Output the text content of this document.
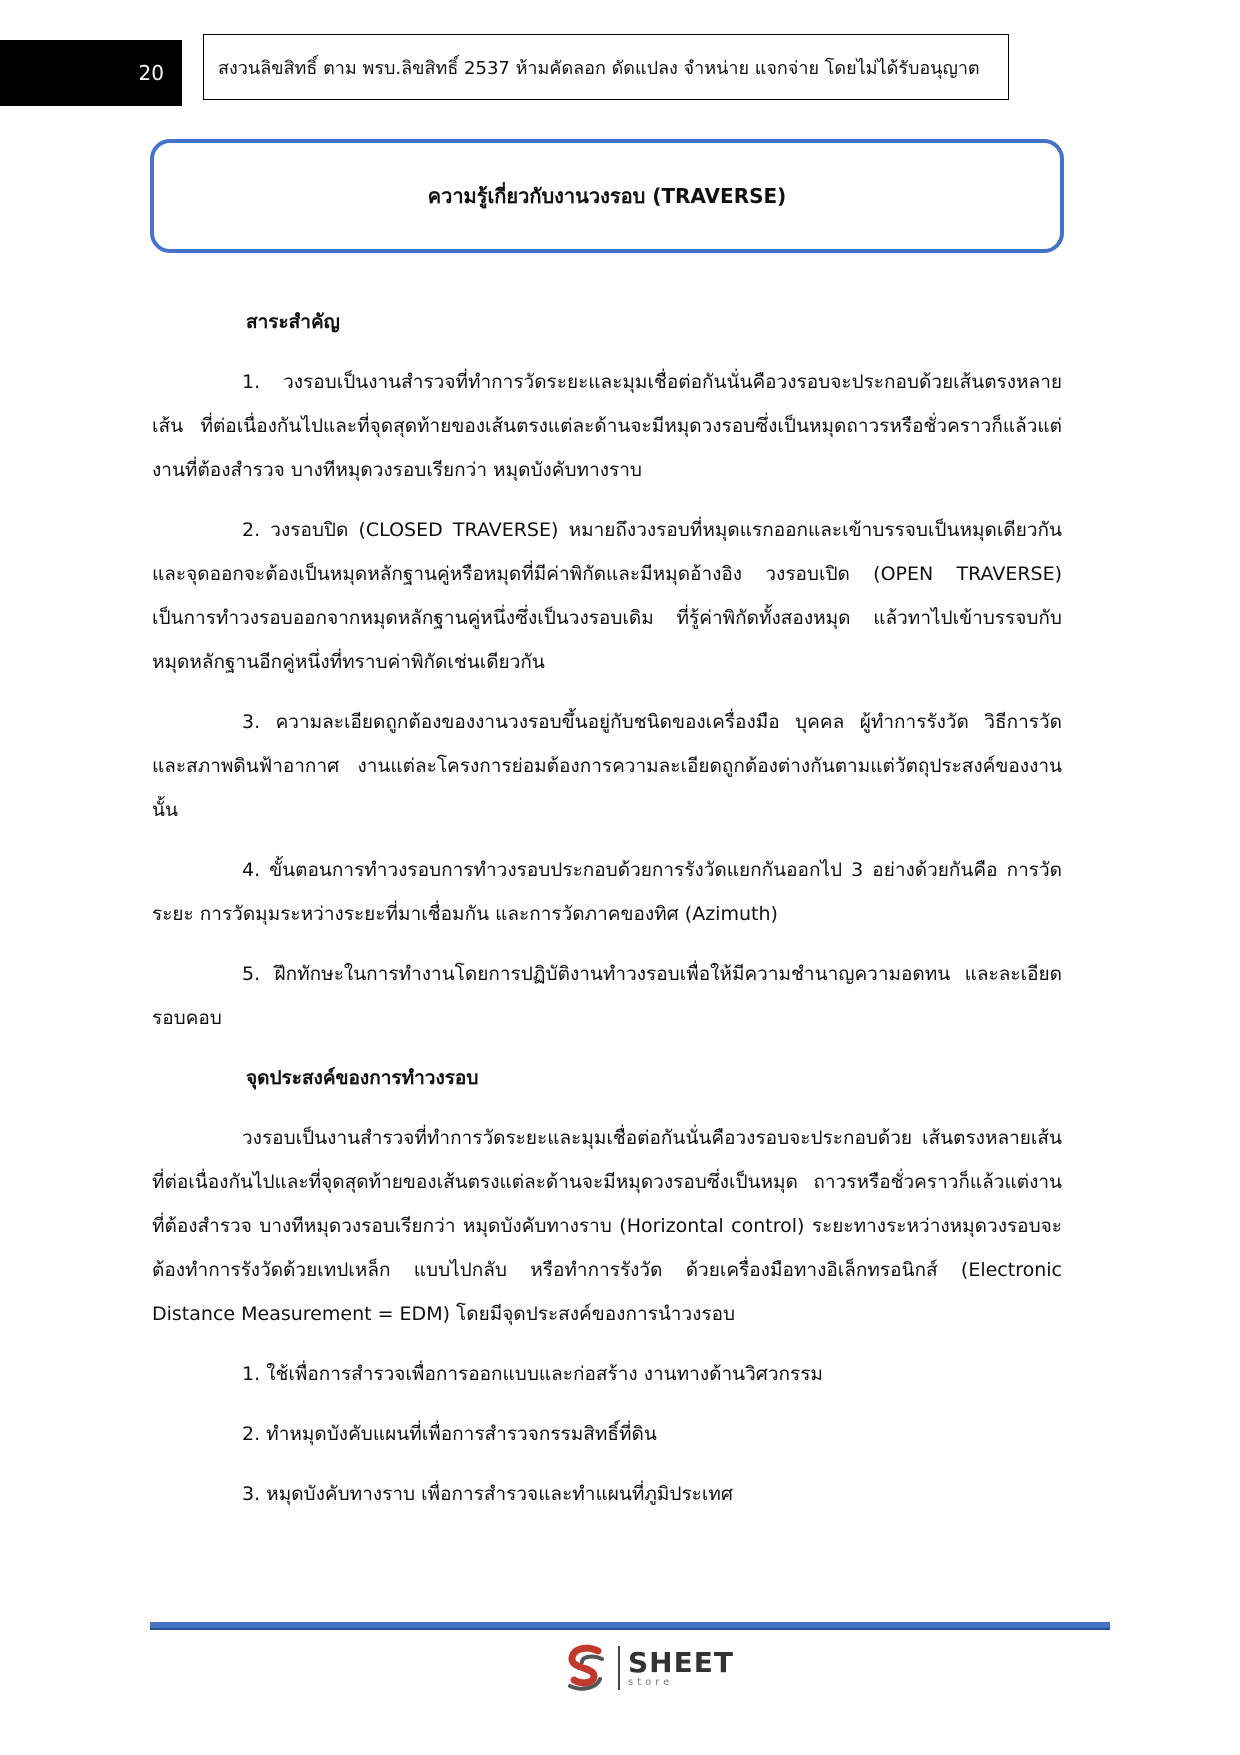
20	สงวนลิขสิทธิ์ ตาม พรบ.ลิขสิทธิ์ 2537 ห้ามคัดลอก ดัดแปลง จำหน่าย แจกจ่าย โดยไม่ได้รับอนุญาต
ความรู้เกี่ยวกับงานวงรอบ (TRAVERSE)

สาระสำคัญ

1. วงรอบเป็นงานสำรวจที่ทำการวัดระยะและมุมเชื่อต่อกันนั่นคือวงรอบจะประกอบด้วยเส้นตรงหลายเส้น ที่ต่อเนื่องกันไปและที่จุดสุดท้ายของเส้นตรงแต่ละด้านจะมีหมุดวงรอบซึ่งเป็นหมุดถาวรหรือชั่วคราวก็แล้วแต่งานที่ต้องสำรวจ บางทีหมุดวงรอบเรียกว่า หมุดบังคับทางราบ

2. วงรอบปิด (CLOSED TRAVERSE) หมายถึงวงรอบที่หมุดแรกออกและเข้าบรรจบเป็นหมุดเดียวกัน และจุดออกจะต้องเป็นหมุดหลักฐานคู่หรือหมุดที่มีค่าพิกัดและมีหมุดอ้างอิง วงรอบเปิด (OPEN TRAVERSE) เป็นการทำวงรอบออกจากหมุดหลักฐานคู่หนึ่งซึ่งเป็นวงรอบเดิม ที่รู้ค่าพิกัดทั้งสองหมุด แล้วทาไปเข้าบรรจบกับหมุดหลักฐานอีกคู่หนึ่งที่ทราบค่าพิกัดเช่นเดียวกัน

3. ความละเอียดถูกต้องของงานวงรอบขึ้นอยู่กับชนิดของเครื่องมือ บุคคล ผู้ทำการรังวัด วิธีการวัด และสภาพดินฟ้าอากาศ งานแต่ละโครงการย่อมต้องการความละเอียดถูกต้องต่างกันตามแต่วัตถุประสงค์ของงานนั้น

4. ขั้นตอนการทำวงรอบการทำวงรอบประกอบด้วยการรังวัดแยกกันออกไป 3 อย่างด้วยกันคือ การวัดระยะ การวัดมุมระหว่างระยะที่มาเชื่อมกัน และการวัดภาคของทิศ (Azimuth)

5. ฝึกทักษะในการทำงานโดยการปฏิบัติงานทำวงรอบเพื่อให้มีความชำนาญความอดทน และละเอียดรอบคอบ

จุดประสงค์ของการทำวงรอบ

วงรอบเป็นงานสำรวจที่ทำการวัดระยะและมุมเชื่อต่อกันนั่นคือวงรอบจะประกอบด้วย เส้นตรงหลายเส้น ที่ต่อเนื่องกันไปและที่จุดสุดท้ายของเส้นตรงแต่ละด้านจะมีหมุดวงรอบซึ่งเป็นหมุด ถาวรหรือชั่วคราวก็แล้วแต่งานที่ต้องสำรวจ บางทีหมุดวงรอบเรียกว่า หมุดบังคับทางราบ (Horizontal control) ระยะทางระหว่างหมุดวงรอบจะต้องทำการรังวัดด้วยเทปเหล็ก แบบไปกลับ หรือทำการรังวัด ด้วยเครื่องมือทางอิเล็กทรอนิกส์ (Electronic Distance Measurement = EDM) โดยมีจุดประสงค์ของการนำวงรอบ

1. ใช้เพื่อการสำรวจเพื่อการออกแบบและก่อสร้าง งานทางด้านวิศวกรรม

2. ทำหมุดบังคับแผนที่เพื่อการสำรวจกรรมสิทธิ์ที่ดิน

3. หมุดบังคับทางราบ เพื่อการสำรวจและทำแผนที่ภูมิประเทศ

SHEET
store
